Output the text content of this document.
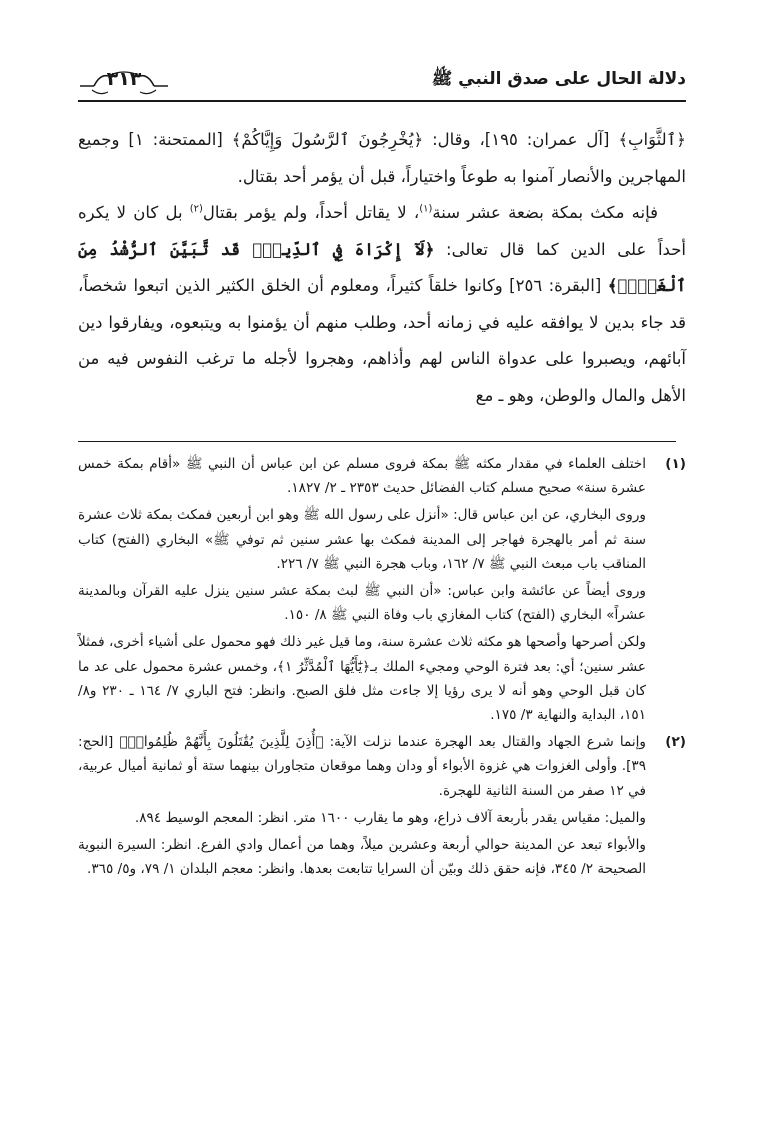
دلالة الحال على صدق النبي ﷺ
٣١٣

﴿ٱلثَّوَابِ﴾ [آل عمران: ١٩٥]، وقال: ﴿يُخْرِجُونَ ٱلرَّسُولَ وَإِيَّاكُمْ﴾ [الممتحنة: ١] وجميع المهاجرين والأنصار آمنوا به طوعاً واختياراً، قبل أن يؤمر أحد بقتال.

فإنه مكث بمكة بضعة عشر سنة$^{(١)}$، لا يقاتل أحداً، ولم يؤمر بقتال$^{(٢)}$ بل كان لا يكره أحداً على الدين كما قال تعالى: ﴿لَآ إِكْرَاهَ فِي ٱلدِّينِۖ قَد تَّبَيَّنَ ٱلرُّشْدُ مِنَ ٱلْغَيِّۚ﴾ [البقرة: ٢٥٦] وكانوا خلقاً كثيراً، ومعلوم أن الخلق الكثير الذين اتبعوا شخصاً، قد جاء بدين لا يوافقه عليه في زمانه أحد، وطلب منهم أن يؤمنوا به ويتبعوه، ويفارقوا دين آبائهم، ويصبروا على عدواة الناس لهم وأذاهم، وهجروا لأجله ما ترغب النفوس فيه من الأهل والمال والوطن، وهو ـ مع

(١)

اختلف العلماء في مقدار مكثه ﷺ بمكة فروى مسلم عن ابن عباس أن النبي ﷺ «أقام بمكة خمس عشرة سنة» صحيح مسلم كتاب الفضائل حديث ٢٣٥٣ ـ ٢/ ١٨٢٧.

وروى البخاري، عن ابن عباس قال: «أنزل على رسول الله ﷺ وهو ابن أربعين فمكث بمكة ثلاث عشرة سنة ثم أمر بالهجرة فهاجر إلى المدينة فمكث بها عشر سنين ثم توفي ﷺ» البخاري (الفتح) كتاب المناقب باب مبعث النبي ﷺ ٧/ ١٦٢، وباب هجرة النبي ﷺ ٧/ ٢٢٦.

وروى أيضاً عن عائشة وابن عباس: «أن النبي ﷺ لبث بمكة عشر سنين ينزل عليه القرآن وبالمدينة عشراً» البخاري (الفتح) كتاب المغازي باب وفاة النبي ﷺ ٨/ ١٥٠.

ولكن أصرحها وأصحها هو مكثه ثلاث عشرة سنة، وما قيل غير ذلك فهو محمول على أشياء أخرى، فمثلاً عشر سنين؛ أي: بعد فترة الوحي ومجيء الملك بـ﴿يَٰٓأَيُّهَا ٱلْمُدَّثِّرُ ١﴾، وخمس عشرة محمول على عد ما كان قبل الوحي وهو أنه لا يرى رؤيا إلا جاءت مثل فلق الصبح. وانظر: فتح الباري ٧/ ١٦٤ ـ ٢٣٠ و٨/ ١٥١، البداية والنهاية ٣/ ١٧٥.

(٢)

وإنما شرع الجهاد والقتال بعد الهجرة عندما نزلت الآية: ﴿أُذِنَ لِلَّذِينَ يُقَٰتَلُونَ بِأَنَّهُمْ ظُلِمُوا۟ۚ﴾ [الحج: ٣٩]. وأولى الغزوات هي غزوة الأبواء أو ودان وهما موقعان متجاوران بينهما ستة أو ثمانية أميال عربية، في ١٢ صفر من السنة الثانية للهجرة.

والميل: مقياس يقدر بأربعة آلاف ذراع، وهو ما يقارب ١٦٠٠ متر. انظر: المعجم الوسيط ٨٩٤.

والأبواء تبعد عن المدينة حوالي أربعة وعشرين ميلاً، وهما من أعمال وادي الفرع. انظر: السيرة النبوية الصحيحة ٢/ ٣٤٥، فإنه حقق ذلك وبيّن أن السرايا تتابعت بعدها. وانظر: معجم البلدان ١/ ٧٩، و٥/ ٣٦٥.
